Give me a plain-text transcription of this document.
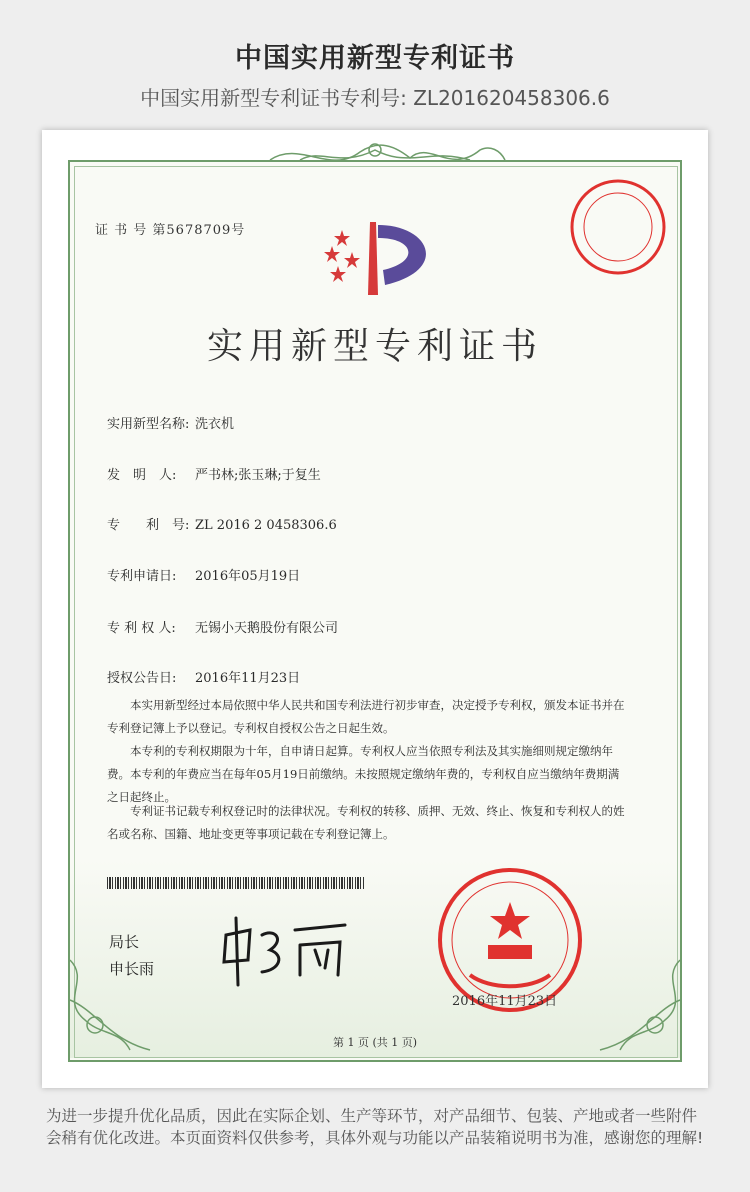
中国实用新型专利证书
中国实用新型专利证书专利号: ZL201620458306.6
证 书 号 第5678709号
实用新型专利证书
实用新型名称: 洗衣机
发　明　人: 严书林;张玉琳;于复生
专　　利　号: ZL 2016 2 0458306.6
专利申请日: 2016年05月19日
专 利 权 人: 无锡小天鹅股份有限公司
授权公告日: 2016年11月23日
本实用新型经过本局依照中华人民共和国专利法进行初步审查，决定授予专利权，颁发本证书并在专利登记簿上予以登记。专利权自授权公告之日起生效。
本专利的专利权期限为十年，自申请日起算。专利权人应当依照专利法及其实施细则规定缴纳年费。本专利的年费应当在每年05月19日前缴纳。未按照规定缴纳年费的，专利权自应当缴纳年费期满之日起终止。
专利证书记载专利权登记时的法律状况。专利权的转移、质押、无效、终止、恢复和专利权人的姓名或名称、国籍、地址变更等事项记载在专利登记簿上。
局长
申长雨
2016年11月23日
第 1 页 (共 1 页)
为进一步提升优化品质，因此在实际企划、生产等环节，对产品细节、包装、产地或者一些附件会稍有优化改进。本页面资料仅供参考，具体外观与功能以产品装箱说明书为准，感谢您的理解!
